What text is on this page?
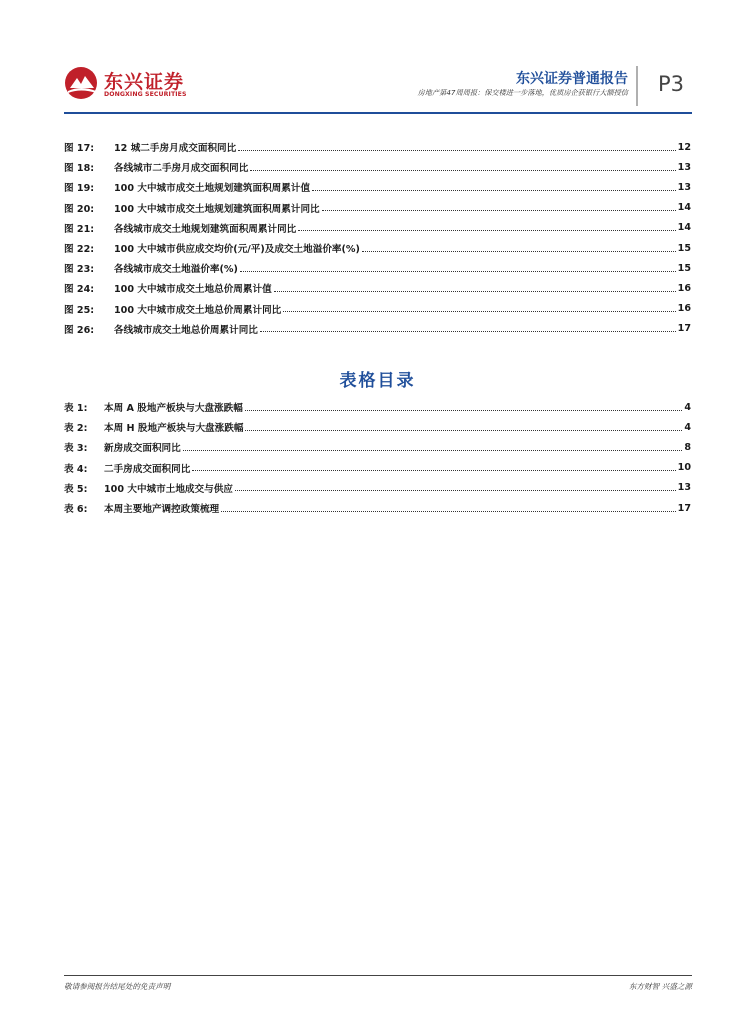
东兴证券
DONGXING SECURITIES
东兴证券普通报告
房地产第47周周报：保交楼进一步落地，优质房企获银行大额授信 P3
图 17:	12 城二手房月成交面积同比	12
图 18:	各线城市二手房月成交面积同比	13
图 19:	100 大中城市成交土地规划建筑面积周累计值	13
图 20:	100 大中城市成交土地规划建筑面积周累计同比	14
图 21:	各线城市成交土地规划建筑面积周累计同比	14
图 22:	100 大中城市供应成交均价(元/平)及成交土地溢价率(%)	15
图 23:	各线城市成交土地溢价率(%)	15
图 24:	100 大中城市成交土地总价周累计值	16
图 25:	100 大中城市成交土地总价周累计同比	16
图 26:	各线城市成交土地总价周累计同比	17
表格目录
表 1:	本周 A 股地产板块与大盘涨跌幅	4
表 2:	本周 H 股地产板块与大盘涨跌幅	4
表 3:	新房成交面积同比	8
表 4:	二手房成交面积同比	10
表 5:	100 大中城市土地成交与供应	13
表 6:	本周主要地产调控政策梳理	17
敬请参阅报告结尾处的免责声明	东方财智 兴盛之源
